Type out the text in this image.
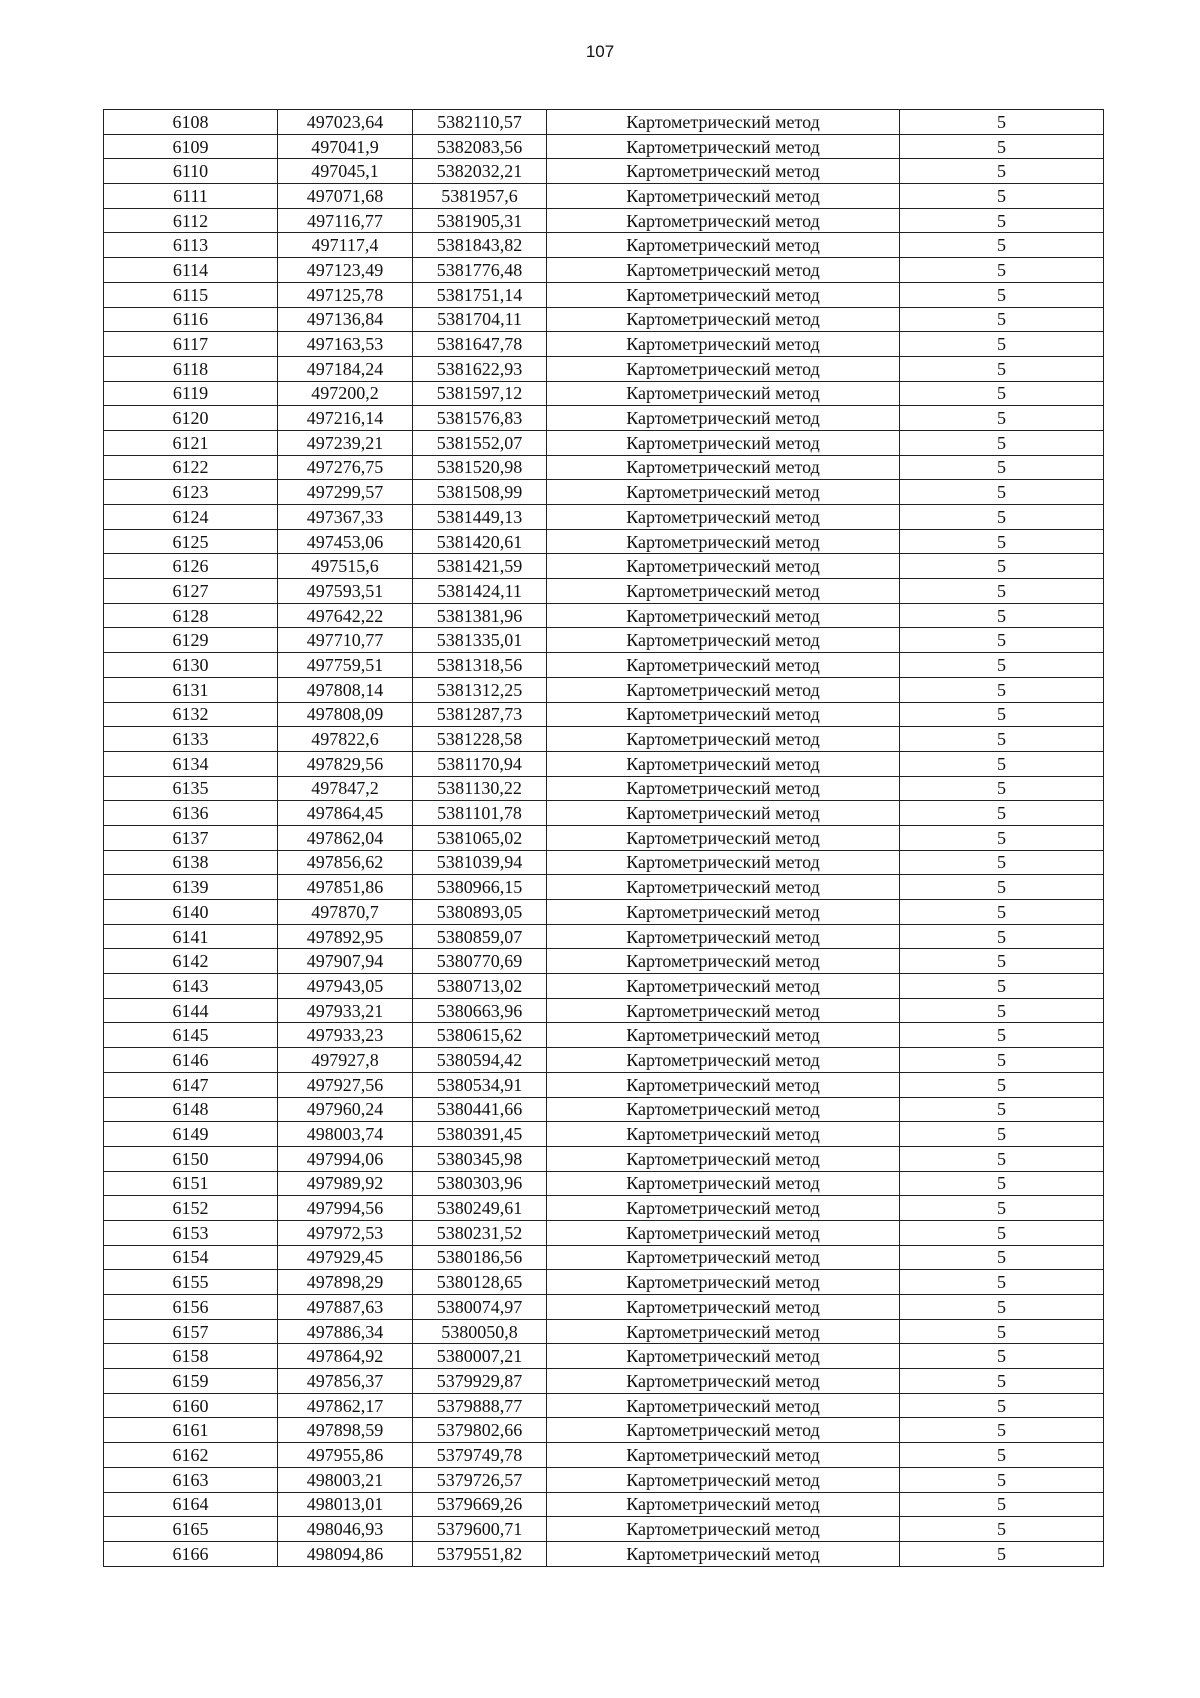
107
6108	497023,64	5382110,57	Картометрический метод	5
6109	497041,9	5382083,56	Картометрический метод	5
6110	497045,1	5382032,21	Картометрический метод	5
6111	497071,68	5381957,6	Картометрический метод	5
6112	497116,77	5381905,31	Картометрический метод	5
6113	497117,4	5381843,82	Картометрический метод	5
6114	497123,49	5381776,48	Картометрический метод	5
6115	497125,78	5381751,14	Картометрический метод	5
6116	497136,84	5381704,11	Картометрический метод	5
6117	497163,53	5381647,78	Картометрический метод	5
6118	497184,24	5381622,93	Картометрический метод	5
6119	497200,2	5381597,12	Картометрический метод	5
6120	497216,14	5381576,83	Картометрический метод	5
6121	497239,21	5381552,07	Картометрический метод	5
6122	497276,75	5381520,98	Картометрический метод	5
6123	497299,57	5381508,99	Картометрический метод	5
6124	497367,33	5381449,13	Картометрический метод	5
6125	497453,06	5381420,61	Картометрический метод	5
6126	497515,6	5381421,59	Картометрический метод	5
6127	497593,51	5381424,11	Картометрический метод	5
6128	497642,22	5381381,96	Картометрический метод	5
6129	497710,77	5381335,01	Картометрический метод	5
6130	497759,51	5381318,56	Картометрический метод	5
6131	497808,14	5381312,25	Картометрический метод	5
6132	497808,09	5381287,73	Картометрический метод	5
6133	497822,6	5381228,58	Картометрический метод	5
6134	497829,56	5381170,94	Картометрический метод	5
6135	497847,2	5381130,22	Картометрический метод	5
6136	497864,45	5381101,78	Картометрический метод	5
6137	497862,04	5381065,02	Картометрический метод	5
6138	497856,62	5381039,94	Картометрический метод	5
6139	497851,86	5380966,15	Картометрический метод	5
6140	497870,7	5380893,05	Картометрический метод	5
6141	497892,95	5380859,07	Картометрический метод	5
6142	497907,94	5380770,69	Картометрический метод	5
6143	497943,05	5380713,02	Картометрический метод	5
6144	497933,21	5380663,96	Картометрический метод	5
6145	497933,23	5380615,62	Картометрический метод	5
6146	497927,8	5380594,42	Картометрический метод	5
6147	497927,56	5380534,91	Картометрический метод	5
6148	497960,24	5380441,66	Картометрический метод	5
6149	498003,74	5380391,45	Картометрический метод	5
6150	497994,06	5380345,98	Картометрический метод	5
6151	497989,92	5380303,96	Картометрический метод	5
6152	497994,56	5380249,61	Картометрический метод	5
6153	497972,53	5380231,52	Картометрический метод	5
6154	497929,45	5380186,56	Картометрический метод	5
6155	497898,29	5380128,65	Картометрический метод	5
6156	497887,63	5380074,97	Картометрический метод	5
6157	497886,34	5380050,8	Картометрический метод	5
6158	497864,92	5380007,21	Картометрический метод	5
6159	497856,37	5379929,87	Картометрический метод	5
6160	497862,17	5379888,77	Картометрический метод	5
6161	497898,59	5379802,66	Картометрический метод	5
6162	497955,86	5379749,78	Картометрический метод	5
6163	498003,21	5379726,57	Картометрический метод	5
6164	498013,01	5379669,26	Картометрический метод	5
6165	498046,93	5379600,71	Картометрический метод	5
6166	498094,86	5379551,82	Картометрический метод	5
